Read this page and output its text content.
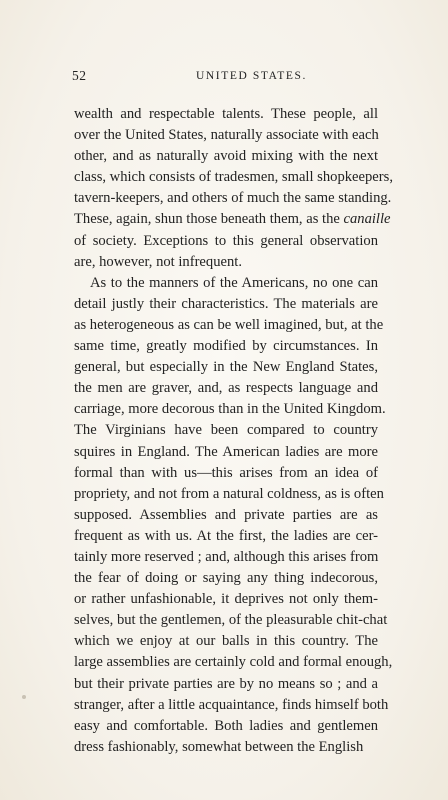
52	UNITED STATES.
wealth and respectable talents. These people, all
over the United States, naturally associate with each
other, and as naturally avoid mixing with the next
class, which consists of tradesmen, small shopkeepers,
tavern-keepers, and others of much the same standing.
These, again, shun those beneath them, as the canaille
of society. Exceptions to this general observation
are, however, not infrequent.
As to the manners of the Americans, no one can
detail justly their characteristics. The materials are
as heterogeneous as can be well imagined, but, at the
same time, greatly modified by circumstances. In
general, but especially in the New England States,
the men are graver, and, as respects language and
carriage, more decorous than in the United Kingdom.
The Virginians have been compared to country
squires in England. The American ladies are more
formal than with us—this arises from an idea of
propriety, and not from a natural coldness, as is often
supposed. Assemblies and private parties are as
frequent as with us. At the first, the ladies are cer-
tainly more reserved ; and, although this arises from
the fear of doing or saying any thing indecorous,
or rather unfashionable, it deprives not only them-
selves, but the gentlemen, of the pleasurable chit-chat
which we enjoy at our balls in this country. The
large assemblies are certainly cold and formal enough,
but their private parties are by no means so ; and a
stranger, after a little acquaintance, finds himself both
easy and comfortable. Both ladies and gentlemen
dress fashionably, somewhat between the English
